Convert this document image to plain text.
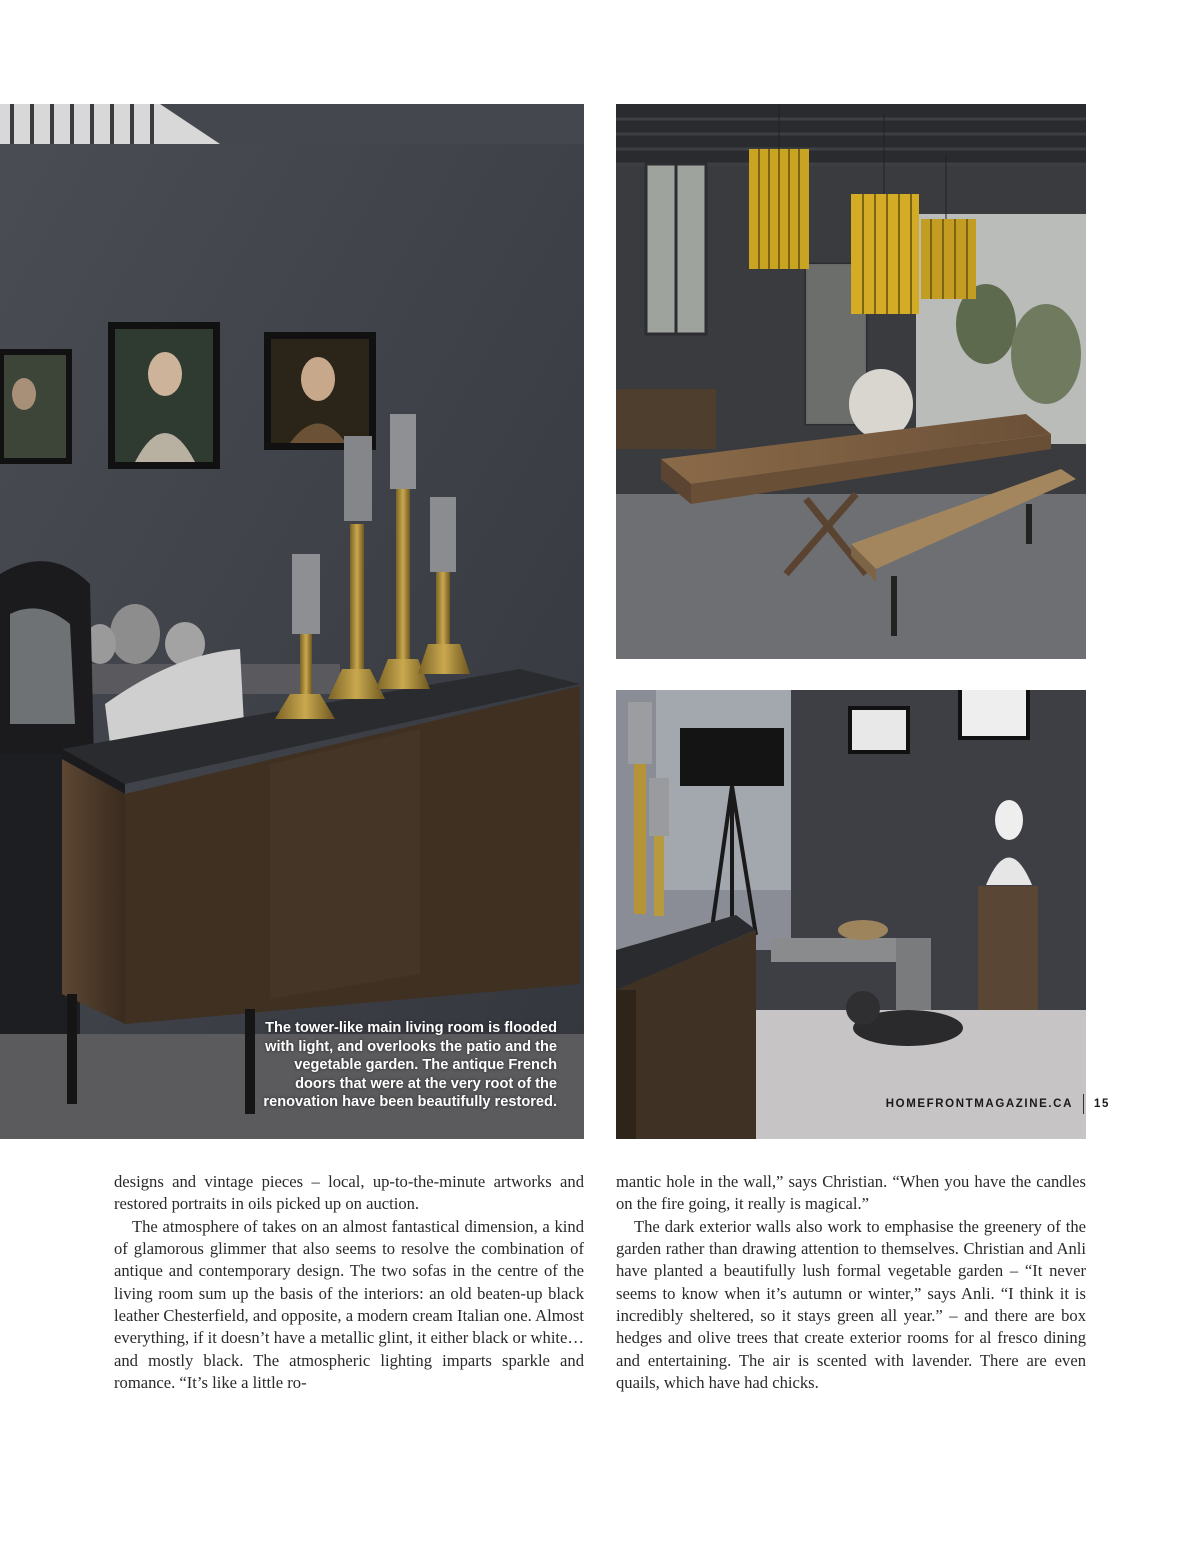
The tower-like main living room is flooded with light, and overlooks the patio and the vegetable garden. The antique French doors that were at the very root of the renovation have been beautifully restored.

designs and vintage pieces – local, up-to-the-minute artworks and restored portraits in oils picked up on auction.

The atmosphere of takes on an almost fantastical dimension, a kind of glamorous glimmer that also seems to resolve the combination of antique and contemporary design. The two sofas in the centre of the living room sum up the basis of the interiors: an old beaten-up black leather Chesterfield, and opposite, a modern cream Italian one. Almost everything, if it doesn’t have a metallic glint, it either black or white… and mostly black. The atmospheric lighting imparts sparkle and romance. “It’s like a little ro-

mantic hole in the wall,” says Christian. “When you have the candles on the fire going, it really is magical.”

The dark exterior walls also work to emphasise the greenery of the garden rather than drawing attention to themselves. Christian and Anli have planted a beautifully lush formal vegetable garden – “It never seems to know when it’s autumn or winter,” says Anli. “I think it is incredibly sheltered, so it stays green all year.” – and there are box hedges and olive trees that create exterior rooms for al fresco dining and entertaining. The air is scented with lavender. There are even quails, which have had chicks.

HOMEFRONTMAGAZINE.CA 15
